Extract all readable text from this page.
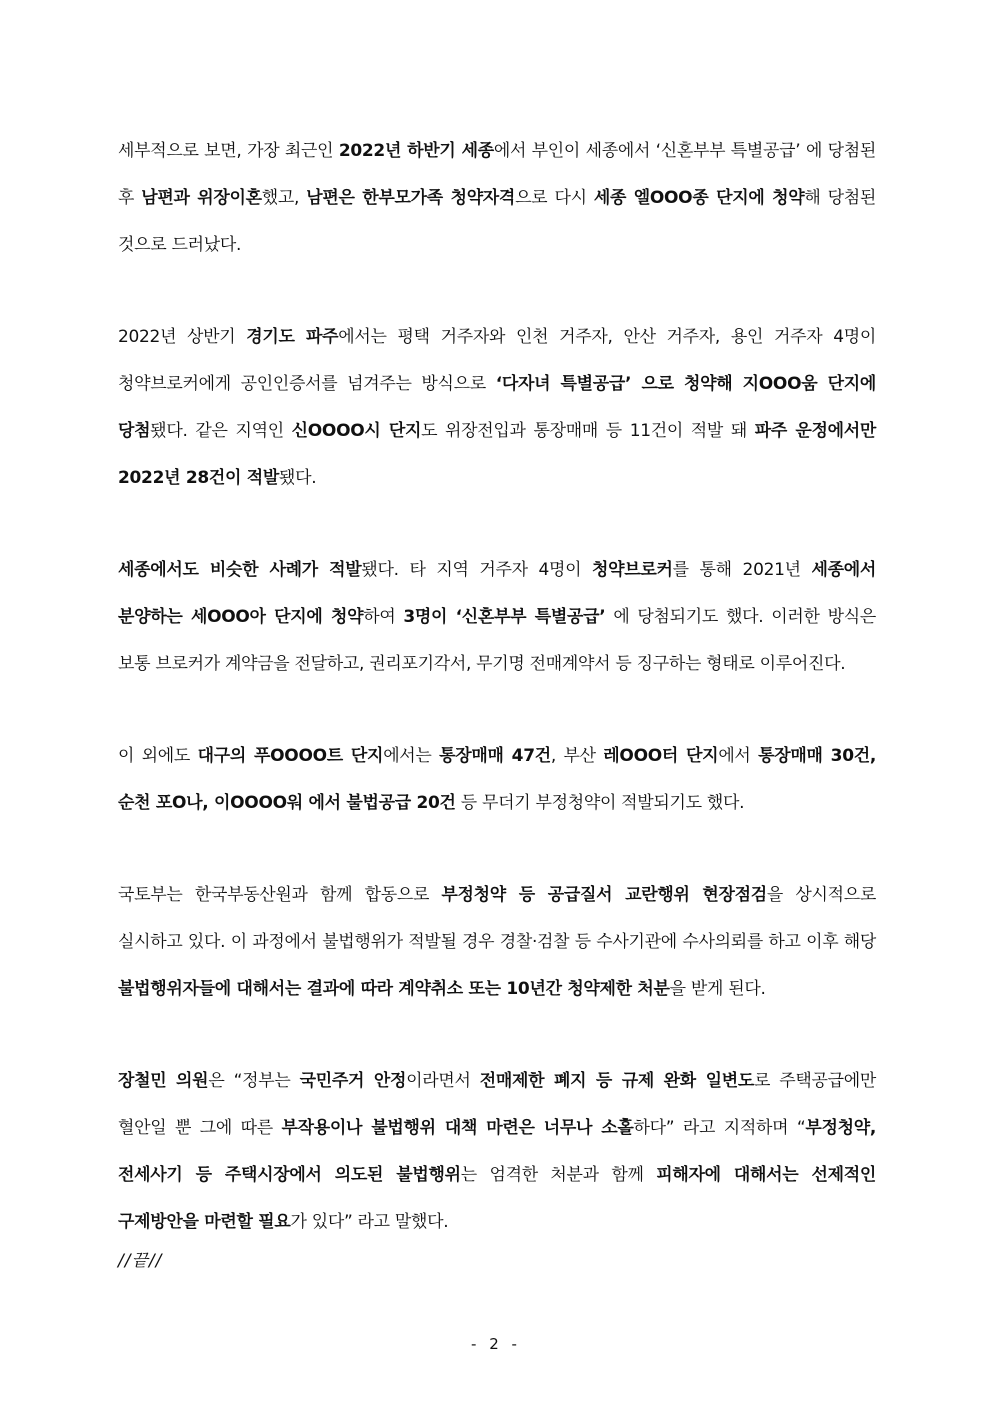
세부적으로 보면, 가장 최근인 2022년 하반기 세종에서 부인이 세종에서 ‘신혼부부 특별공급’ 에 당첨된 후 남편과 위장이혼했고, 남편은 한부모가족 청약자격으로 다시 세종 엘OOO종 단지에 청약해 당첨된 것으로 드러났다.

2022년 상반기 경기도 파주에서는 평택 거주자와 인천 거주자, 안산 거주자, 용인 거주자 4명이 청약브로커에게 공인인증서를 넘겨주는 방식으로 ‘다자녀 특별공급’ 으로 청약해 지OOO움 단지에 당첨됐다. 같은 지역인 신OOOO시 단지도 위장전입과 통장매매 등 11건이 적발 돼 파주 운정에서만 2022년 28건이 적발됐다.

세종에서도 비슷한 사례가 적발됐다. 타 지역 거주자 4명이 청약브로커를 통해 2021년 세종에서 분양하는 세OOO아 단지에 청약하여 3명이 ‘신혼부부 특별공급’ 에 당첨되기도 했다. 이러한 방식은 보통 브로커가 계약금을 전달하고, 권리포기각서, 무기명 전매계약서 등 징구하는 형태로 이루어진다.

이 외에도 대구의 푸OOOO트 단지에서는 통장매매 47건, 부산 레OOO터 단지에서 통장매매 30건, 순천 포O나, 이OOOO워 에서 불법공급 20건 등 무더기 부정청약이 적발되기도 했다.

국토부는 한국부동산원과 함께 합동으로 부정청약 등 공급질서 교란행위 현장점검을 상시적으로 실시하고 있다. 이 과정에서 불법행위가 적발될 경우 경찰·검찰 등 수사기관에 수사의뢰를 하고 이후 해당 불법행위자들에 대해서는 결과에 따라 계약취소 또는 10년간 청약제한 처분을 받게 된다.

장철민 의원은 “정부는 국민주거 안정이라면서 전매제한 폐지 등 규제 완화 일변도로 주택공급에만 혈안일 뿐 그에 따른 부작용이나 불법행위 대책 마련은 너무나 소홀하다” 라고 지적하며 “부정청약, 전세사기 등 주택시장에서 의도된 불법행위는 엄격한 처분과 함께 피해자에 대해서는 선제적인 구제방안을 마련할 필요가 있다” 라고 말했다.

//끝//

- 2 -
